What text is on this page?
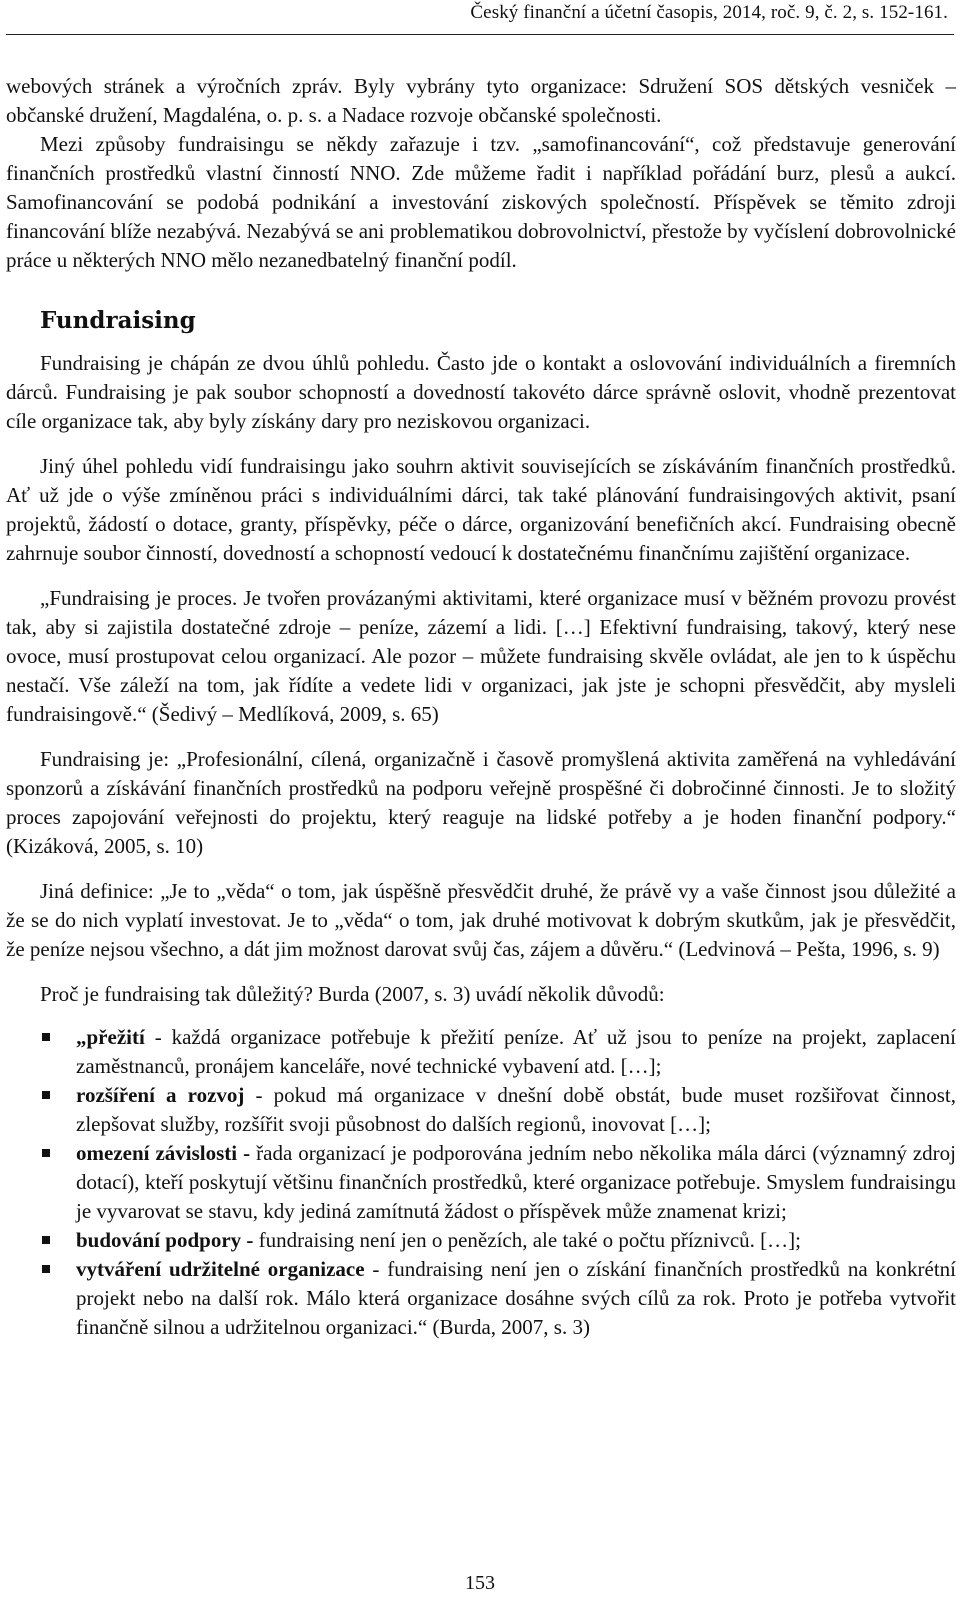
Český finanční a účetní časopis, 2014, roč. 9, č. 2, s. 152-161.

webových stránek a výročních zpráv. Byly vybrány tyto organizace: Sdružení SOS dětských vesniček – občanské družení, Magdaléna, o. p. s. a Nadace rozvoje občanské společnosti.

Mezi způsoby fundraisingu se někdy zařazuje i tzv. „samofinancování“, což představuje generování finančních prostředků vlastní činností NNO. Zde můžeme řadit i například pořádání burz, plesů a aukcí. Samofinancování se podobá podnikání a investování ziskových společností. Příspěvek se těmito zdroji financování blíže nezabývá. Nezabývá se ani problematikou dobrovolnictví, přestože by vyčíslení dobrovolnické práce u některých NNO mělo nezanedbatelný finanční podíl.

Fundraising

Fundraising je chápán ze dvou úhlů pohledu. Často jde o kontakt a oslovování individuálních a firemních dárců. Fundraising je pak soubor schopností a dovedností takovéto dárce správně oslovit, vhodně prezentovat cíle organizace tak, aby byly získány dary pro neziskovou organizaci.

Jiný úhel pohledu vidí fundraisingu jako souhrn aktivit souvisejících se získáváním finančních prostředků. Ať už jde o výše zmíněnou práci s individuálními dárci, tak také plánování fundraisingových aktivit, psaní projektů, žádostí o dotace, granty, příspěvky, péče o dárce, organizování benefičních akcí. Fundraising obecně zahrnuje soubor činností, dovedností a schopností vedoucí k dostatečnému finančnímu zajištění organizace.

„Fundraising je proces. Je tvořen provázanými aktivitami, které organizace musí v běžném provozu provést tak, aby si zajistila dostatečné zdroje – peníze, zázemí a lidi. […] Efektivní fundraising, takový, který nese ovoce, musí prostupovat celou organizací. Ale pozor – můžete fundraising skvěle ovládat, ale jen to k úspěchu nestačí. Vše záleží na tom, jak řídíte a vedete lidi v organizaci, jak jste je schopni přesvědčit, aby mysleli fundraisingově.“ (Šedivý – Medlíková, 2009, s. 65)

Fundraising je: „Profesionální, cílená, organizačně i časově promyšlená aktivita zaměřená na vyhledávání sponzorů a získávání finančních prostředků na podporu veřejně prospěšné či dobročinné činnosti. Je to složitý proces zapojování veřejnosti do projektu, který reaguje na lidské potřeby a je hoden finanční podpory.“ (Kizáková, 2005, s. 10)

Jiná definice: „Je to „věda“ o tom, jak úspěšně přesvědčit druhé, že právě vy a vaše činnost jsou důležité a že se do nich vyplatí investovat. Je to „věda“ o tom, jak druhé motivovat k dobrým skutkům, jak je přesvědčit, že peníze nejsou všechno, a dát jim možnost darovat svůj čas, zájem a důvěru.“ (Ledvinová – Pešta, 1996, s. 9)

Proč je fundraising tak důležitý? Burda (2007, s. 3) uvádí několik důvodů:

„přežití - každá organizace potřebuje k přežití peníze. Ať už jsou to peníze na projekt, zaplacení zaměstnanců, pronájem kanceláře, nové technické vybavení atd. […];
rozšíření a rozvoj - pokud má organizace v dnešní době obstát, bude muset rozšiřovat činnost, zlepšovat služby, rozšířit svoji působnost do dalších regionů, inovovat […];
omezení závislosti - řada organizací je podporována jedním nebo několika mála dárci (významný zdroj dotací), kteří poskytují většinu finančních prostředků, které organizace potřebuje. Smyslem fundraisingu je vyvarovat se stavu, kdy jediná zamítnutá žádost o příspěvek může znamenat krizi;
budování podpory - fundraising není jen o penězích, ale také o počtu příznivců. […];
vytváření udržitelné organizace - fundraising není jen o získání finančních prostředků na konkrétní projekt nebo na další rok. Málo která organizace dosáhne svých cílů za rok. Proto je potřeba vytvořit finančně silnou a udržitelnou organizaci.“ (Burda, 2007, s. 3)
153
